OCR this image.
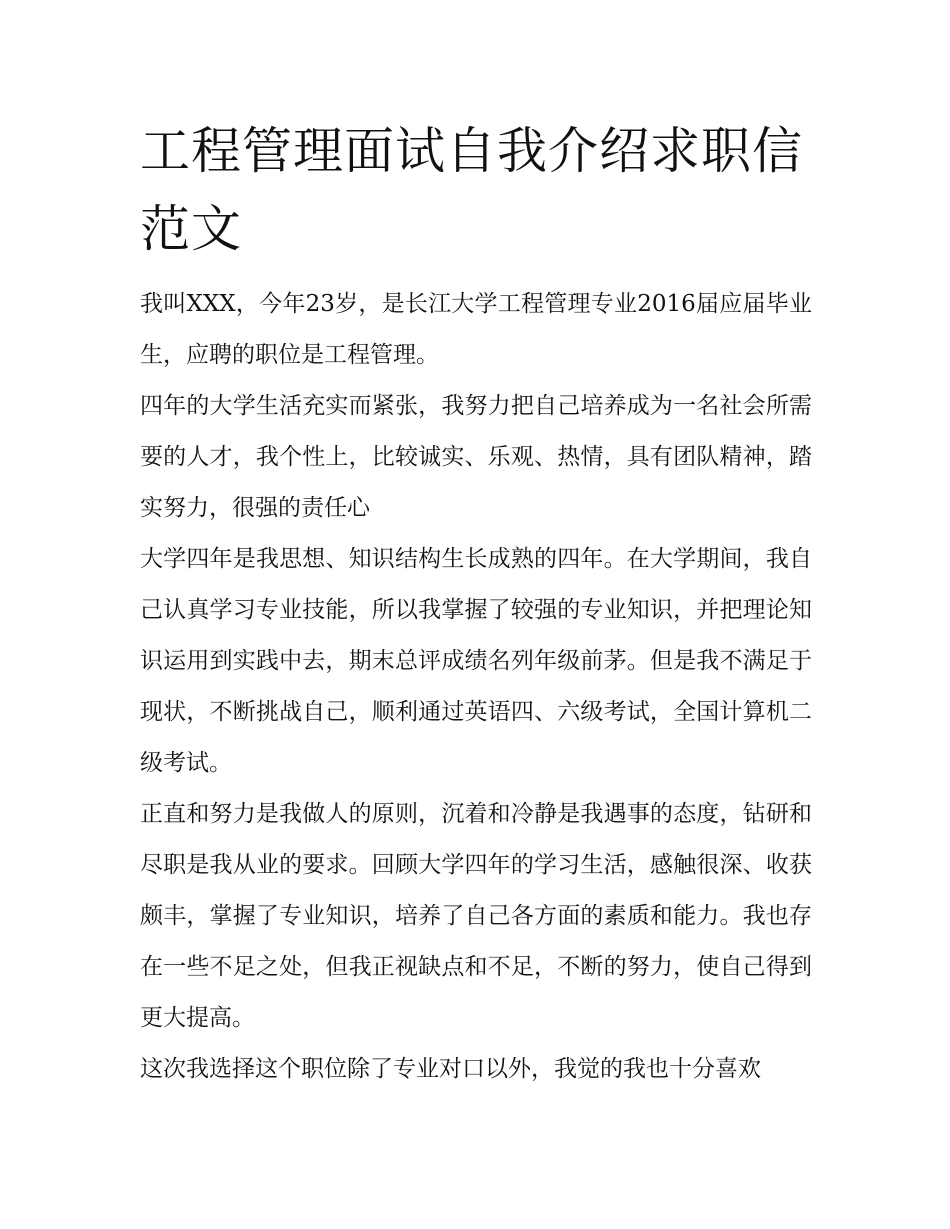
工程管理面试自我介绍求职信范文

我叫XXX，今年23岁，是长江大学工程管理专业2016届应届毕业生，应聘的职位是工程管理。

四年的大学生活充实而紧张，我努力把自己培养成为一名社会所需要的人才，我个性上，比较诚实、乐观、热情，具有团队精神，踏实努力，很强的责任心

大学四年是我思想、知识结构生长成熟的四年。在大学期间，我自己认真学习专业技能，所以我掌握了较强的专业知识，并把理论知识运用到实践中去，期末总评成绩名列年级前茅。但是我不满足于现状，不断挑战自己，顺利通过英语四、六级考试，全国计算机二级考试。

正直和努力是我做人的原则，沉着和冷静是我遇事的态度，钻研和尽职是我从业的要求。回顾大学四年的学习生活，感触很深、收获颇丰，掌握了专业知识，培养了自己各方面的素质和能力。我也存在一些不足之处，但我正视缺点和不足，不断的努力，使自己得到更大提高。

这次我选择这个职位除了专业对口以外，我觉的我也十分喜欢
